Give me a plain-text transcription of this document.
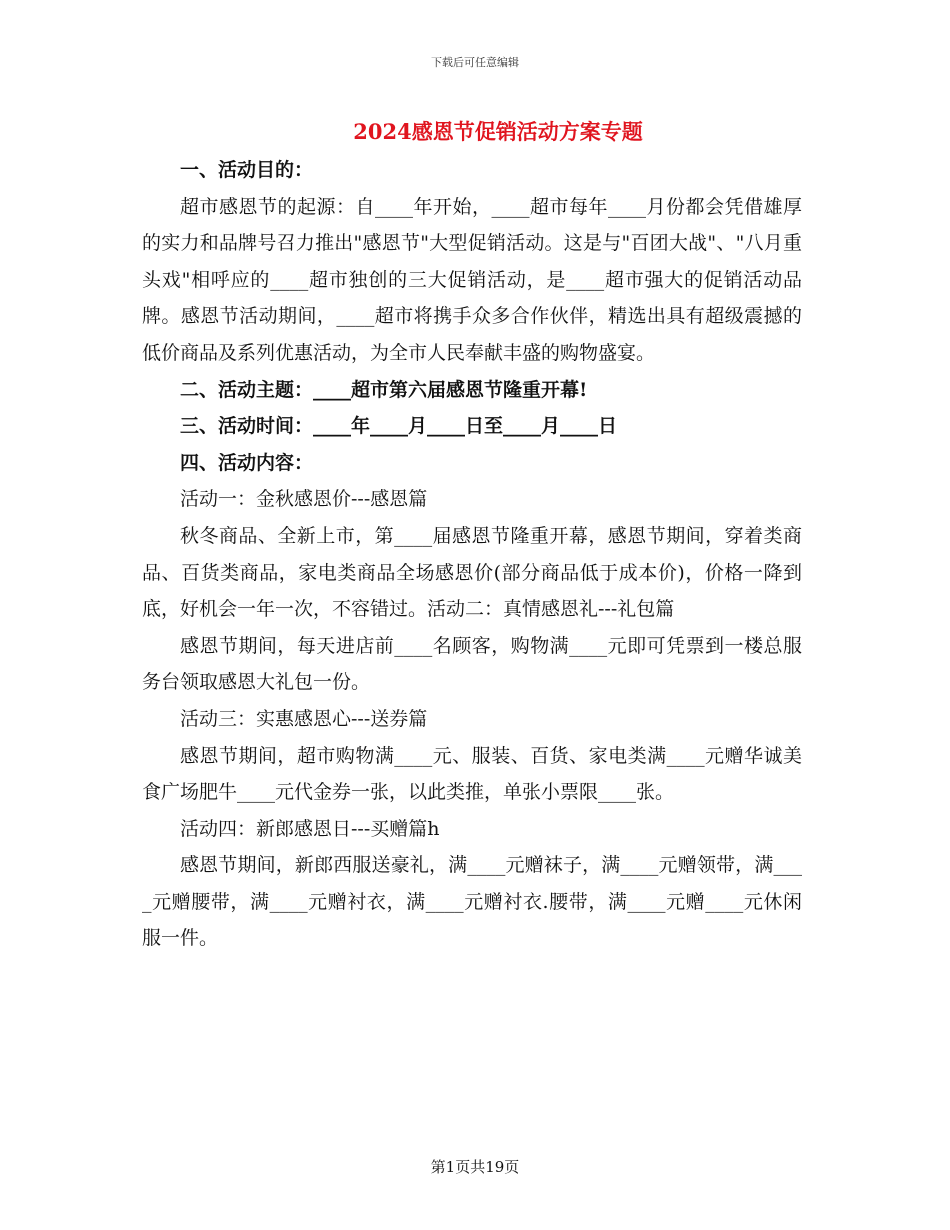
下载后可任意编辑
2024感恩节促销活动方案专题

一、活动目的：

超市感恩节的起源：自____年开始，____超市每年____月份都会凭借雄厚的实力和品牌号召力推出"感恩节"大型促销活动。这是与"百团大战"、"八月重头戏"相呼应的____超市独创的三大促销活动，是____超市强大的促销活动品牌。感恩节活动期间，____超市将携手众多合作伙伴，精选出具有超级震撼的低价商品及系列优惠活动，为全市人民奉献丰盛的购物盛宴。

二、活动主题：____超市第六届感恩节隆重开幕!

三、活动时间：____年____月____日至____月____日

四、活动内容：

活动一：金秋感恩价---感恩篇

秋冬商品、全新上市，第____届感恩节隆重开幕，感恩节期间，穿着类商品、百货类商品，家电类商品全场感恩价(部分商品低于成本价)，价格一降到底，好机会一年一次，不容错过。活动二：真情感恩礼---礼包篇

感恩节期间，每天进店前____名顾客，购物满____元即可凭票到一楼总服务台领取感恩大礼包一份。

活动三：实惠感恩心---送券篇

感恩节期间，超市购物满____元、服装、百货、家电类满____元赠华诚美食广场肥牛____元代金券一张，以此类推，单张小票限____张。

活动四：新郎感恩日---买赠篇h

感恩节期间，新郎西服送豪礼，满____元赠袜子，满____元赠领带，满____元赠腰带，满____元赠衬衣，满____元赠衬衣.腰带，满____元赠____元休闲服一件。

第1页共19页
